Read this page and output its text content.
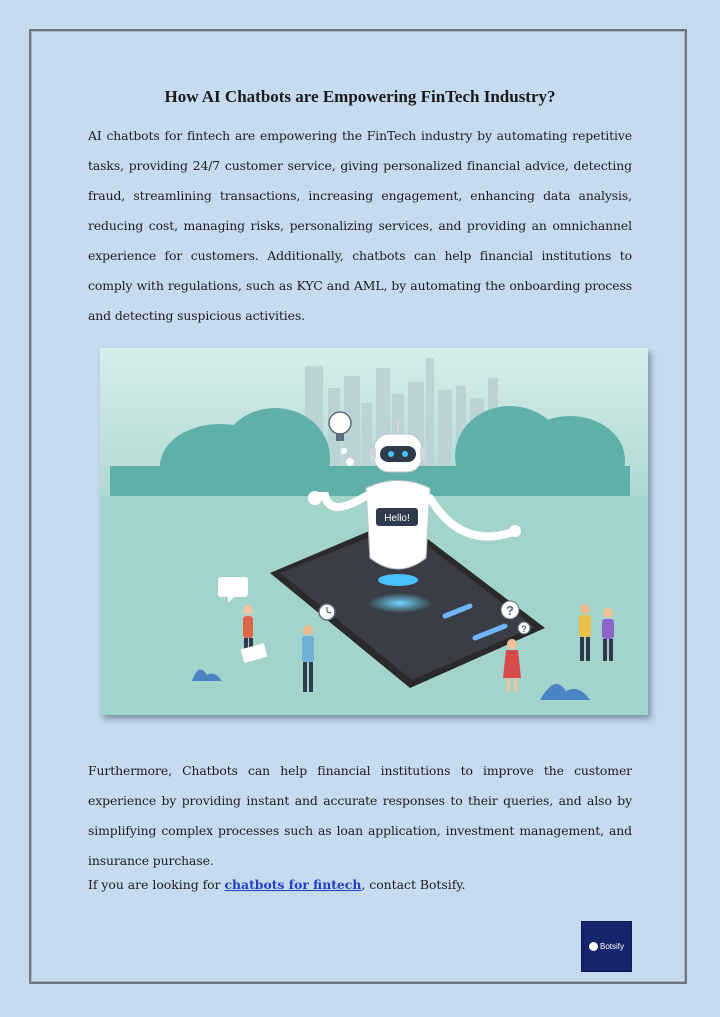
How AI Chatbots are Empowering FinTech Industry?

AI chatbots for fintech are empowering the FinTech industry by automating repetitive tasks, providing 24/7 customer service, giving personalized financial advice, detecting fraud, streamlining transactions, increasing engagement, enhancing data analysis, reducing cost, managing risks, personalizing services, and providing an omnichannel experience for customers. Additionally, chatbots can help financial institutions to comply with regulations, such as KYC and AML, by automating the onboarding process and detecting suspicious activities.

Hello!
?
?

Furthermore, Chatbots can help financial institutions to improve the customer experience by providing instant and accurate responses to their queries, and also by simplifying complex processes such as loan application, investment management, and insurance purchase.

If you are looking for chatbots for fintech, contact Botsify.

Botsify
